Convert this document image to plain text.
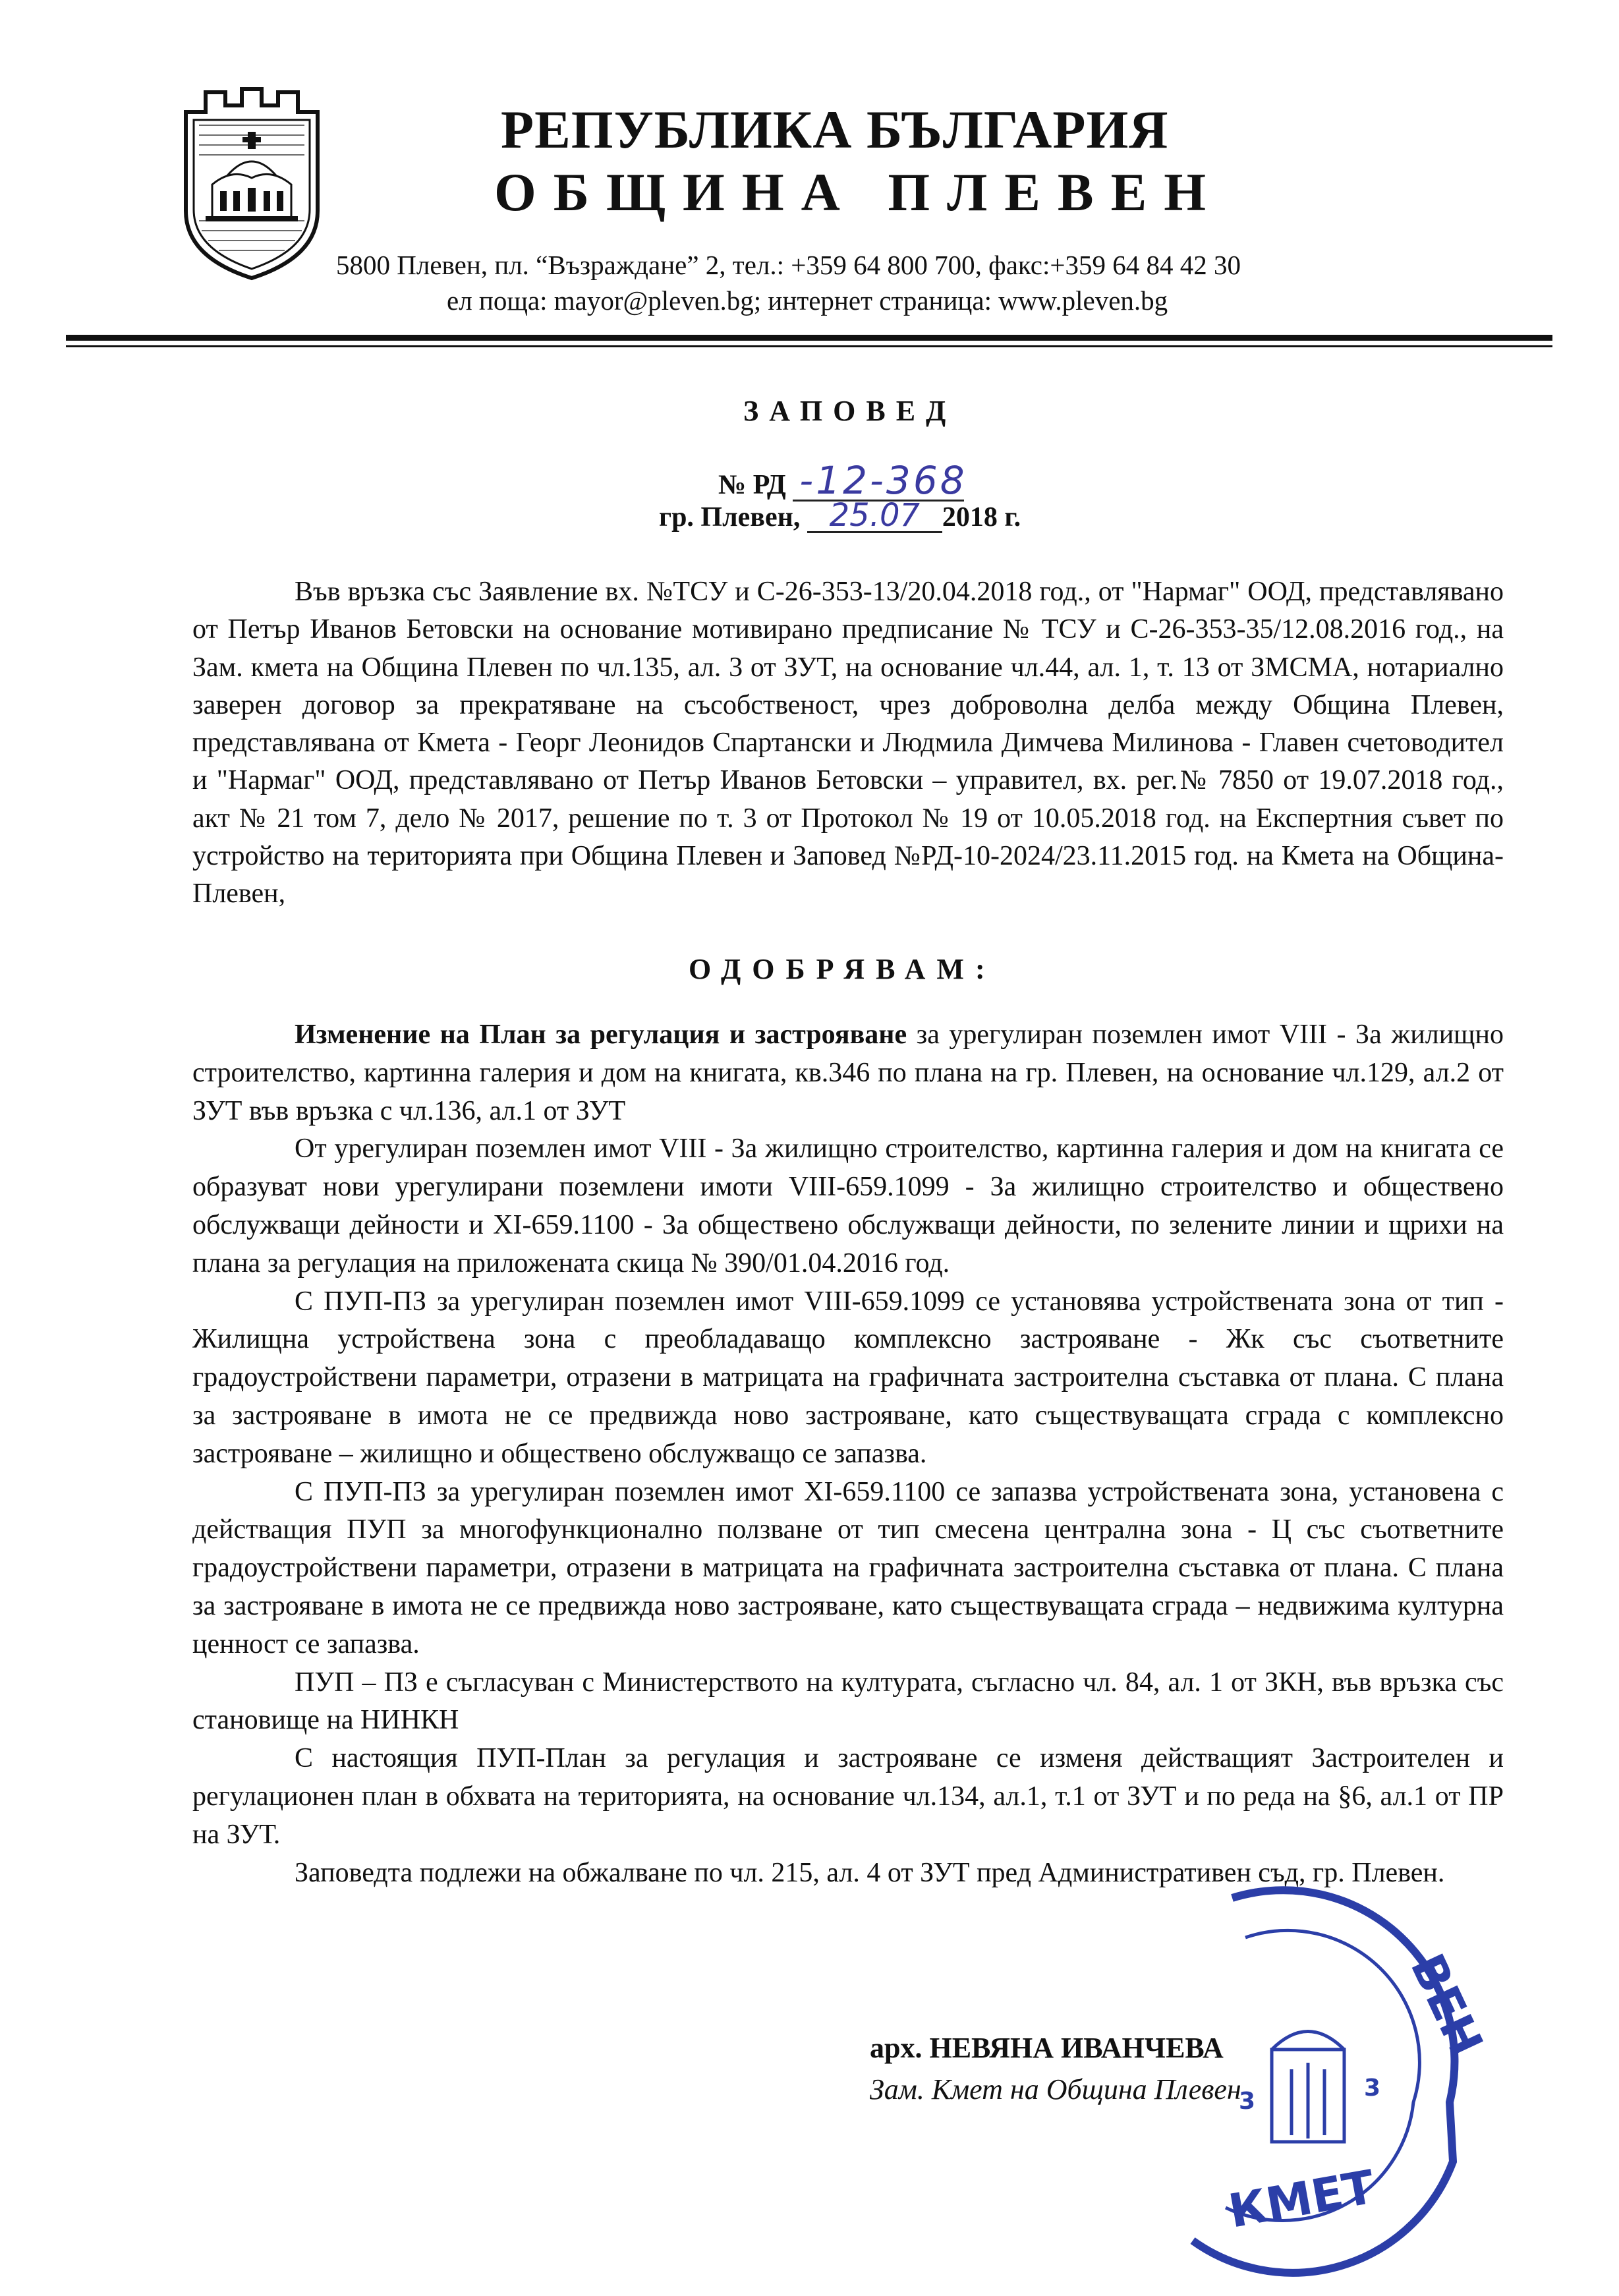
РЕПУБЛИКА БЪЛГАРИЯ
ОБЩИНА ПЛЕВЕН
5800 Плевен, пл. “Възраждане” 2, тел.: +359 64 800 700, факс:+359 64 84 42 30
ел поща: mayor@pleven.bg; интернет страница: www.pleven.bg
ЗАПОВЕД
№ РД -12-368
гр. Плевен, 25.07 2018 г.

Във връзка със Заявление вх. №ТСУ и С-26-353-13/20.04.2018 год., от "Нармаг" ООД, представлявано от Петър Иванов Бетовски на основание мотивирано предписание № ТСУ и С-26-353-35/12.08.2016 год., на Зам. кмета на Община Плевен по чл.135, ал. 3 от ЗУТ, на основание чл.44, ал. 1, т. 13 от ЗМСМА, нотариално заверен договор за прекратяване на съсобственост, чрез доброволна делба между Община Плевен, представлявана от Кмета - Георг Леонидов Спартански и Людмила Димчева Милинова - Главен счетоводител и "Нармаг" ООД, представлявано от Петър Иванов Бетовски – управител, вх. рег.№ 7850 от 19.07.2018 год., акт № 21 том 7, дело № 2017, решение по т. 3 от Протокол № 19 от 10.05.2018 год. на Експертния съвет по устройство на територията при Община Плевен и Заповед №РД-10-2024/23.11.2015 год. на Кмета на Община-Плевен,

ОДОБРЯВАМ:

Изменение на План за регулация и застрояване за урегулиран поземлен имот VIII - За жилищно строителство, картинна галерия и дом на книгата, кв.346 по плана на гр. Плевен, на основание чл.129, ал.2 от ЗУТ във връзка с чл.136, ал.1 от ЗУТ

От урегулиран поземлен имот VIII - За жилищно строителство, картинна галерия и дом на книгата се образуват нови урегулирани поземлени имоти VIII-659.1099 - За жилищно строителство и обществено обслужващи дейности и XI-659.1100 - За обществено обслужващи дейности, по зелените линии и щрихи на плана за регулация на приложената скица № 390/01.04.2016 год.

С ПУП-ПЗ за урегулиран поземлен имот VIII-659.1099 се установява устройствената зона от тип - Жилищна устройствена зона с преобладаващо комплексно застрояване - Жк със съответните градоустройствени параметри, отразени в матрицата на графичната застроителна съставка от плана. С плана за застрояване в имота не се предвижда ново застрояване, като съществуващата сграда с комплексно застрояване – жилищно и обществено обслужващо се запазва.

С ПУП-ПЗ за урегулиран поземлен имот XI-659.1100 се запазва устройствената зона, установена с действащия ПУП за многофункционално ползване от тип смесена централна зона - Ц със съответните градоустройствени параметри, отразени в матрицата на графичната застроителна съставка от плана. С плана за застрояване в имота не се предвижда ново застрояване, като съществуващата сграда – недвижима културна ценност се запазва.

ПУП – ПЗ е съгласуван с Министерството на културата, съгласно чл. 84, ал. 1 от ЗКН, във връзка със становище на НИНКН

С настоящия ПУП-План за регулация и застрояване се изменя действащият Застроителен и регулационен план в обхвата на територията, на основание чл.134, ал.1, т.1 от ЗУТ и по реда на §6, ал.1 от ПР на ЗУТ.

Заповедта подлежи на обжалване по чл. 215, ал. 4 от ЗУТ пред Административен съд, гр. Плевен.

ВЕН
КМЕТ
3	3
арх. НЕВЯНА ИВАНЧЕВА
Зам. Кмет на Община Плевен
